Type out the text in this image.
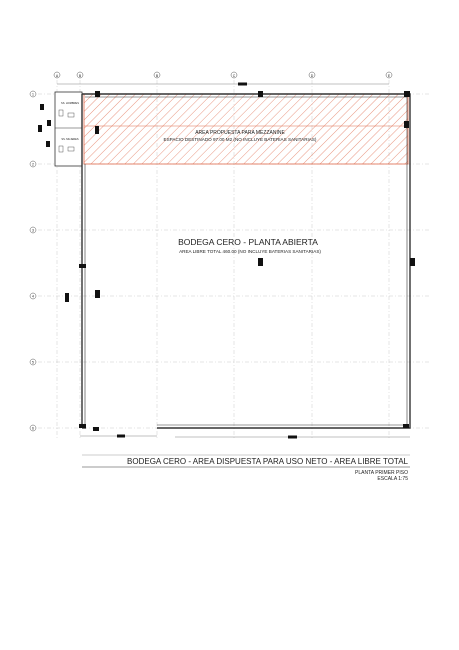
A	B	B	C	D	E
1
2
3
4
5
6
AREA PROPUESTA PARA MEZZANINE
ESPACIO DESTINADO 97.00 M2 (NO INCLUYE BATERIAS SANITARIAS)
SS. HOMBRES
SS. MUJERES
BODEGA CERO - PLANTA ABIERTA
AREA LIBRE TOTAL 460.00 (NO INCLUYE BATERIAS SANITARIAS)
BODEGA CERO - AREA DISPUESTA PARA USO NETO - AREA LIBRE TOTAL
PLANTA PRIMER PISO
ESCALA 1:75
